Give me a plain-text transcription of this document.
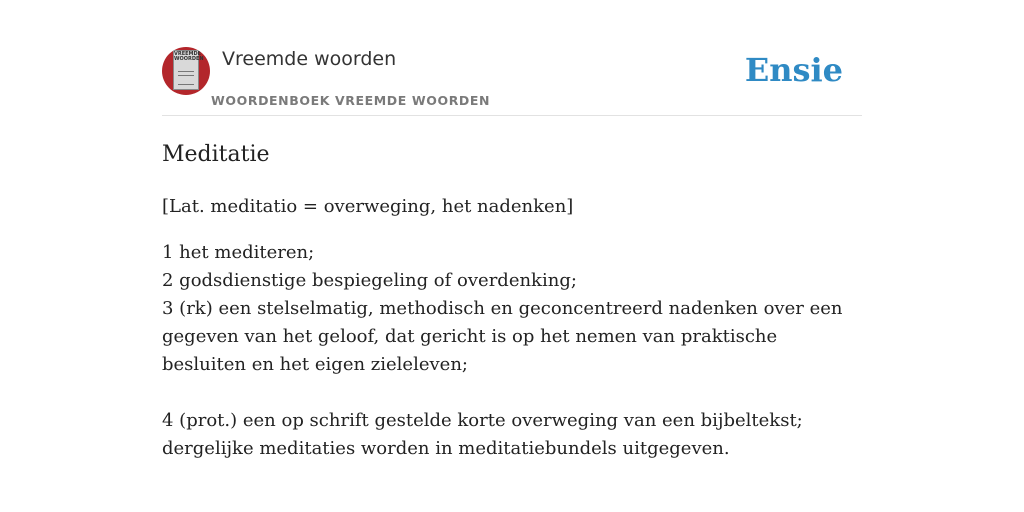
VREEMDE WOORDEN Vreemde woorden
WOORDENBOEK VREEMDE WOORDEN
Ensie
Meditatie
[Lat. meditatio = overweging, het nadenken]
1 het mediteren;
2 godsdienstige bespiegeling of overdenking;
3 (rk) een stelselmatig, methodisch en geconcentreerd nadenken over een gegeven van het geloof, dat gericht is op het nemen van praktische besluiten en het eigen zieleleven;
4 (prot.) een op schrift gestelde korte overweging van een bijbeltekst; dergelijke meditaties worden in meditatiebundels uitgegeven.
